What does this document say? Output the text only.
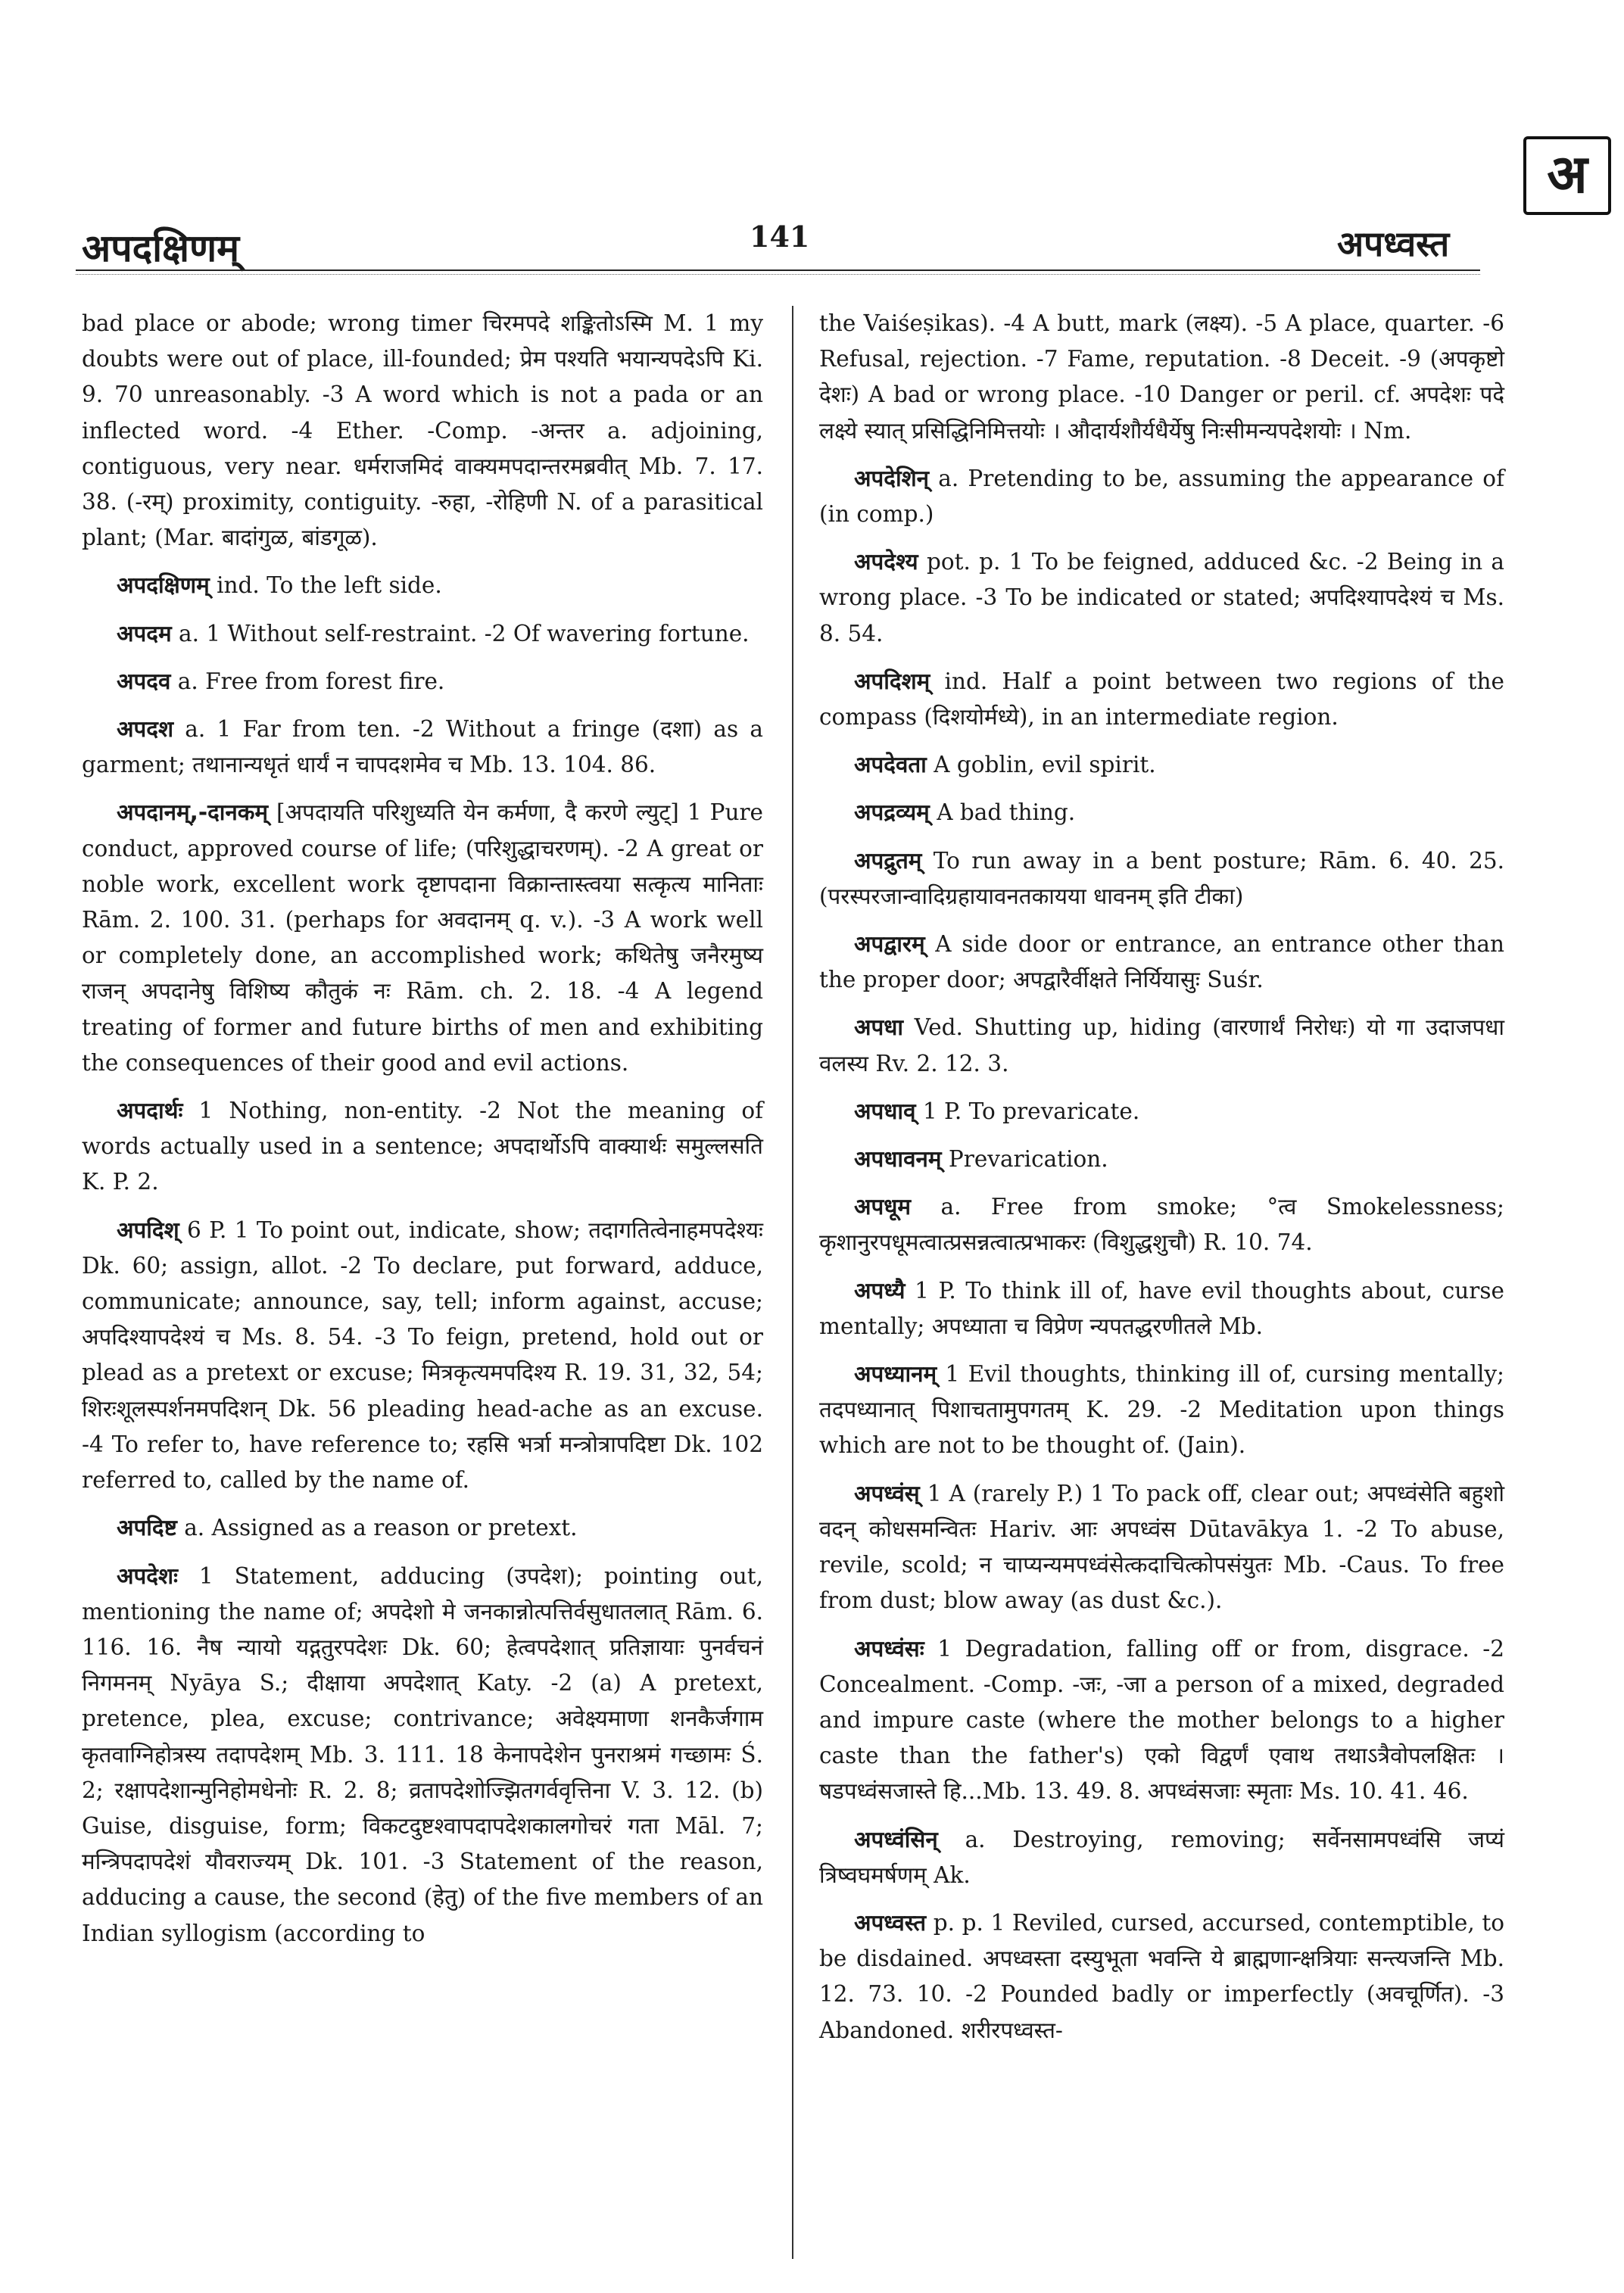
अपदक्षिणम्	141	अपध्वस्त
अ

bad place or abode; wrong timer चिरमपदे शङ्कितोऽस्मि M. 1 my doubts were out of place, ill-founded; प्रेम पश्यति भयान्यपदेऽपि Ki. 9. 70 unreasonably. -3 A word which is not a pada or an inflected word. -4 Ether. -Comp. -अन्तर a. adjoining, contiguous, very near. धर्मराजमिदं वाक्यमपदान्तरमब्रवीत् Mb. 7. 17. 38. (-रम्) proximity, contiguity. -रुहा, -रोहिणी N. of a parasitical plant; (Mar. बादांगुळ, बांडगूळ).

अपदक्षिणम् ind. To the left side.

अपदम a. 1 Without self-restraint. -2 Of wavering fortune.

अपदव a. Free from forest fire.

अपदश a. 1 Far from ten. -2 Without a fringe (दशा) as a garment; तथानान्यधृतं धार्यं न चापदशमेव च Mb. 13. 104. 86.

अपदानम्,-दानकम् [अपदायति परिशुध्यति येन कर्मणा, दै करणे ल्युट्] 1 Pure conduct, approved course of life; (परिशुद्धाचरणम्). -2 A great or noble work, excellent work दृष्टापदाना विक्रान्तास्त्वया सत्कृत्य मानिताः Rām. 2. 100. 31. (perhaps for अवदानम् q. v.). -3 A work well or completely done, an accomplished work; कथितेषु जनैरमुष्य राजन् अपदानेषु विशिष्य कौतुकं नः Rām. ch. 2. 18. -4 A legend treating of former and future births of men and exhibiting the consequences of their good and evil actions.

अपदार्थः 1 Nothing, non-entity. -2 Not the meaning of words actually used in a sentence; अपदार्थोऽपि वाक्यार्थः समुल्लसति K. P. 2.

अपदिश् 6 P. 1 To point out, indicate, show; तदागतित्वेनाहमपदेश्यः Dk. 60; assign, allot. -2 To declare, put forward, adduce, communicate; announce, say, tell; inform against, accuse; अपदिश्यापदेश्यं च Ms. 8. 54. -3 To feign, pretend, hold out or plead as a pretext or excuse; मित्रकृत्यमपदिश्य R. 19. 31, 32, 54; शिरःशूलस्पर्शनमपदिशन् Dk. 56 pleading head-ache as an excuse. -4 To refer to, have reference to; रहसि भर्त्रा मन्त्रोत्रापदिष्टा Dk. 102 referred to, called by the name of.

अपदिष्ट a. Assigned as a reason or pretext.

अपदेशः 1 Statement, adducing (उपदेश); pointing out, mentioning the name of; अपदेशो मे जनकान्नोत्पत्तिर्वसुधातलात् Rām. 6. 116. 16. नैष न्यायो यद्गतुरपदेशः Dk. 60; हेत्वपदेशात् प्रतिज्ञायाः पुनर्वचनं निगमनम् Nyāya S.; दीक्षाया अपदेशात् Katy. -2 (a) A pretext, pretence, plea, excuse; contrivance; अवेक्ष्यमाणा शनकैर्जगाम कृतवाग्निहोत्रस्य तदापदेशम् Mb. 3. 111. 18 केनापदेशेन पुनराश्रमं गच्छामः Ś. 2; रक्षापदेशान्मुनिहोमधेनोः R. 2. 8; व्रतापदेशोज्झितगर्ववृत्तिना V. 3. 12. (b) Guise, disguise, form; विकटदुष्टश्वापदापदेशकालगोचरं गता Māl. 7; मन्त्रिपदापदेशं यौवराज्यम् Dk. 101. -3 Statement of the reason, adducing a cause, the second (हेतु) of the five members of an Indian syllogism (according to

the Vaiśeṣikas). -4 A butt, mark (लक्ष्य). -5 A place, quarter. -6 Refusal, rejection. -7 Fame, reputation. -8 Deceit. -9 (अपकृष्टो देशः) A bad or wrong place. -10 Danger or peril. cf. अपदेशः पदे लक्ष्ये स्यात् प्रसिद्धिनिमित्तयोः । औदार्यशौर्यधैर्येषु निःसीमन्यपदेशयोः । Nm.

अपदेशिन् a. Pretending to be, assuming the appearance of (in comp.)

अपदेश्य pot. p. 1 To be feigned, adduced &c. -2 Being in a wrong place. -3 To be indicated or stated; अपदिश्यापदेश्यं च Ms. 8. 54.

अपदिशम् ind. Half a point between two regions of the compass (दिशयोर्मध्ये), in an intermediate region.

अपदेवता A goblin, evil spirit.

अपद्रव्यम् A bad thing.

अपद्रुतम् To run away in a bent posture; Rām. 6. 40. 25. (परस्परजान्वादिग्रहायावनतकायया धावनम् इति टीका)

अपद्वारम् A side door or entrance, an entrance other than the proper door; अपद्वारैर्वीक्षते निर्यियासुः Suśr.

अपधा Ved. Shutting up, hiding (वारणार्थं निरोधः) यो गा उदाजपधा वलस्य Rv. 2. 12. 3.

अपधाव् 1 P. To prevaricate.

अपधावनम् Prevarication.

अपधूम a. Free from smoke; °त्व Smokelessness; कृशानुरपधूमत्वात्प्रसन्नत्वात्प्रभाकरः (विशुद्धशुचौ) R. 10. 74.

अपध्यै 1 P. To think ill of, have evil thoughts about, curse mentally; अपध्याता च विप्रेण न्यपतद्धरणीतले Mb.

अपध्यानम् 1 Evil thoughts, thinking ill of, cursing mentally; तदपध्यानात् पिशाचतामुपगतम् K. 29. -2 Meditation upon things which are not to be thought of. (Jain).

अपध्वंस् 1 A (rarely P.) 1 To pack off, clear out; अपध्वंसेति बहुशो वदन् कोधसमन्वितः Hariv. आः अपध्वंस Dūtavākya 1. -2 To abuse, revile, scold; न चाप्यन्यमपध्वंसेत्कदाचित्कोपसंयुतः Mb. -Caus. To free from dust; blow away (as dust &c.).

अपध्वंसः 1 Degradation, falling off or from, disgrace. -2 Concealment. -Comp. -जः, -जा a person of a mixed, degraded and impure caste (where the mother belongs to a higher caste than the father's) एको विद्वर्णं एवाथ तथाऽत्रैवोपलक्षितः । षडपध्वंसजास्ते हि...Mb. 13. 49. 8. अपध्वंसजाः स्मृताः Ms. 10. 41. 46.

अपध्वंसिन् a. Destroying, removing; सर्वेनसामपध्वंसि जप्यं त्रिष्वघमर्षणम् Ak.

अपध्वस्त p. p. 1 Reviled, cursed, accursed, contemptible, to be disdained. अपध्वस्ता दस्युभूता भवन्ति ये ब्राह्मणान्क्षत्रियाः सन्त्यजन्ति Mb. 12. 73. 10. -2 Pounded badly or imperfectly (अवचूर्णित). -3 Abandoned. शरीरपध्वस्त-
